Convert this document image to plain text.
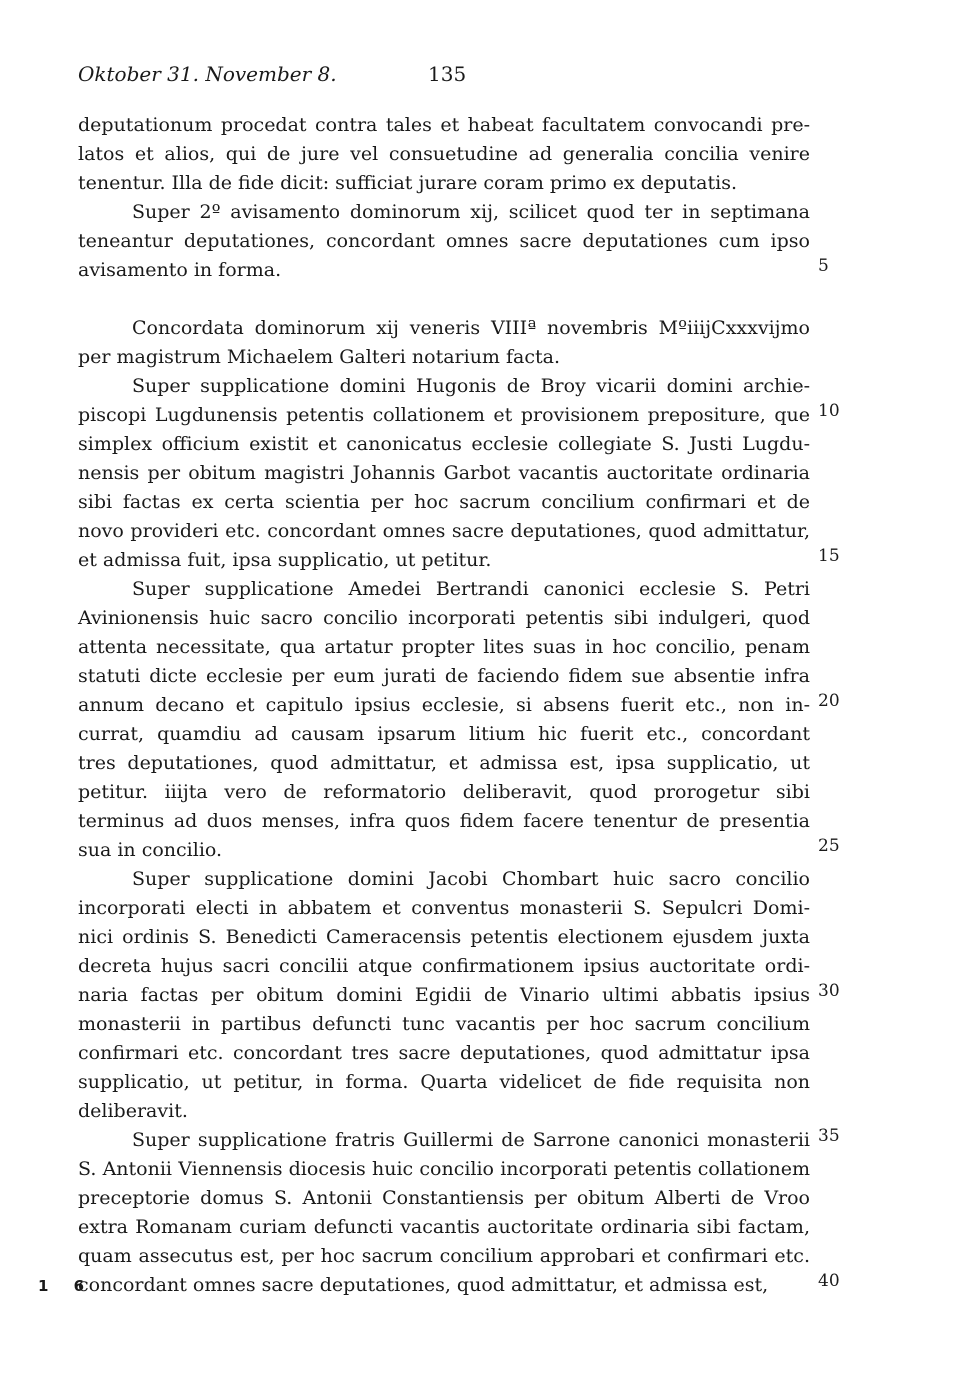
Oktober 31. November 8.	135
deputationum procedat contra tales et habeat facultatem convocandi pre-
latos et alios, qui de jure vel consuetudine ad generalia concilia venire
tenentur. Illa de fide dicit: sufficiat jurare coram primo ex deputatis.
Super 2º avisamento dominorum xij, scilicet quod ter in septimana
teneantur deputationes, concordant omnes sacre deputationes cum ipso
avisamento in forma.
Concordata dominorum xij veneris VIIIª novembris MºiiijCxxxvijmo
per magistrum Michaelem Galteri notarium facta.
Super supplicatione domini Hugonis de Broy vicarii domini archie-
piscopi Lugdunensis petentis collationem et provisionem prepositure, que
simplex officium existit et canonicatus ecclesie collegiate S. Justi Lugdu-
nensis per obitum magistri Johannis Garbot vacantis auctoritate ordinaria
sibi factas ex certa scientia per hoc sacrum concilium confirmari et de
novo provideri etc. concordant omnes sacre deputationes, quod admittatur,
et admissa fuit, ipsa supplicatio, ut petitur.
Super supplicatione Amedei Bertrandi canonici ecclesie S. Petri
Avinionensis huic sacro concilio incorporati petentis sibi indulgeri, quod
attenta necessitate, qua artatur propter lites suas in hoc concilio, penam
statuti dicte ecclesie per eum jurati de faciendo fidem sue absentie infra
annum decano et capitulo ipsius ecclesie, si absens fuerit etc., non in-
currat, quamdiu ad causam ipsarum litium hic fuerit etc., concordant
tres deputationes, quod admittatur, et admissa est, ipsa supplicatio, ut
petitur. iiijta vero de reformatorio deliberavit, quod prorogetur sibi
terminus ad duos menses, infra quos fidem facere tenentur de presentia
sua in concilio.
Super supplicatione domini Jacobi Chombart huic sacro concilio
incorporati electi in abbatem et conventus monasterii S. Sepulcri Domi-
nici ordinis S. Benedicti Cameracensis petentis electionem ejusdem juxta
decreta hujus sacri concilii atque confirmationem ipsius auctoritate ordi-
naria factas per obitum domini Egidii de Vinario ultimi abbatis ipsius
monasterii in partibus defuncti tunc vacantis per hoc sacrum concilium
confirmari etc. concordant tres sacre deputationes, quod admittatur ipsa
supplicatio, ut petitur, in forma. Quarta videlicet de fide requisita non
deliberavit.
Super supplicatione fratris Guillermi de Sarrone canonici monasterii
S. Antonii Viennensis diocesis huic concilio incorporati petentis collationem
preceptorie domus S. Antonii Constantiensis per obitum Alberti de Vroo
extra Romanam curiam defuncti vacantis auctoritate ordinaria sibi factam,
quam assecutus est, per hoc sacrum concilium approbari et confirmari etc.
concordant omnes sacre deputationes, quod admittatur, et admissa est,
5
10
15
20
25
30
35
40
1 6
